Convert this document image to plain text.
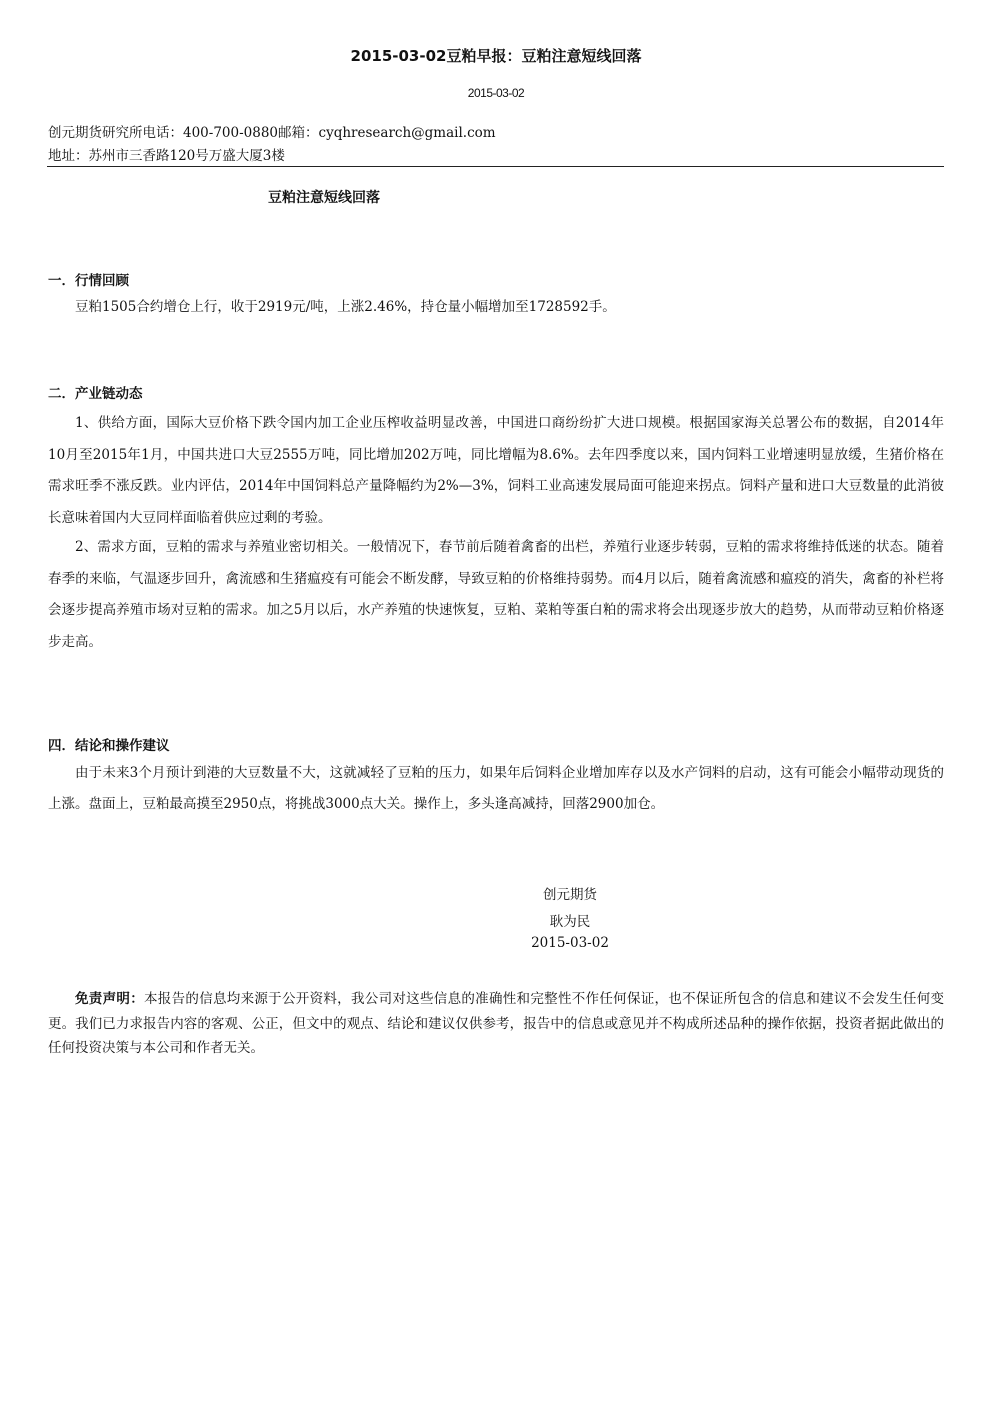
2015-03-02豆粕早报：豆粕注意短线回落
2015-03-02
创元期货研究所电话：400-700-0880邮箱：cyqhresearch@gmail.com
地址：苏州市三香路120号万盛大厦3楼
豆粕注意短线回落
一．行情回顾
豆粕1505合约增仓上行，收于2919元/吨，上涨2.46%，持仓量小幅增加至1728592手。
二．产业链动态
1、供给方面，国际大豆价格下跌令国内加工企业压榨收益明显改善，中国进口商纷纷扩大进口规模。根据国家海关总署公布的数据，自2014年10月至2015年1月，中国共进口大豆2555万吨，同比增加202万吨，同比增幅为8.6%。去年四季度以来，国内饲料工业增速明显放缓，生猪价格在需求旺季不涨反跌。业内评估，2014年中国饲料总产量降幅约为2%—3%，饲料工业高速发展局面可能迎来拐点。饲料产量和进口大豆数量的此消彼长意味着国内大豆同样面临着供应过剩的考验。
2、需求方面，豆粕的需求与养殖业密切相关。一般情况下，春节前后随着禽畜的出栏，养殖行业逐步转弱，豆粕的需求将维持低迷的状态。随着春季的来临，气温逐步回升，禽流感和生猪瘟疫有可能会不断发酵，导致豆粕的价格维持弱势。而4月以后，随着禽流感和瘟疫的消失，禽畜的补栏将会逐步提高养殖市场对豆粕的需求。加之5月以后，水产养殖的快速恢复，豆粕、菜粕等蛋白粕的需求将会出现逐步放大的趋势，从而带动豆粕价格逐步走高。
四．结论和操作建议
由于未来3个月预计到港的大豆数量不大，这就减轻了豆粕的压力，如果年后饲料企业增加库存以及水产饲料的启动，这有可能会小幅带动现货的上涨。盘面上，豆粕最高摸至2950点，将挑战3000点大关。操作上，多头逢高减持，回落2900加仓。
创元期货
耿为民
2015-03-02
免责声明：本报告的信息均来源于公开资料，我公司对这些信息的准确性和完整性不作任何保证，也不保证所包含的信息和建议不会发生任何变更。我们已力求报告内容的客观、公正，但文中的观点、结论和建议仅供参考，报告中的信息或意见并不构成所述品种的操作依据，投资者据此做出的任何投资决策与本公司和作者无关。
